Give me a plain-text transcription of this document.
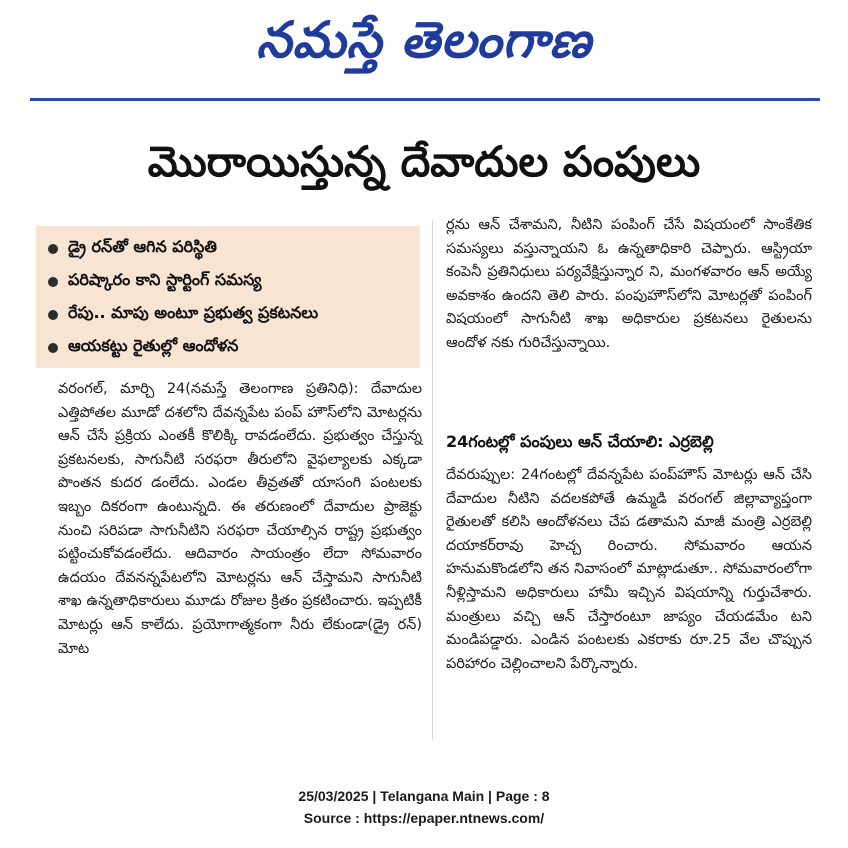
నమస్తే తెలంగాణ
మొరాయిస్తున్న దేవాదుల పంపులు
డ్రై రన్‌తో ఆగిన పరిస్థితి
పరిష్కారం కాని స్టార్టింగ్ సమస్య
రేపు.. మాపు అంటూ ప్రభుత్వ ప్రకటనలు
ఆయకట్టు రైతుల్లో ఆందోళన

వరంగల్, మార్చి 24(నమస్తే తెలంగాణ ప్రతినిధి): దేవాదుల ఎత్తిపోతల మూడో దశలోని దేవన్నపేట పంప్ హౌస్‌లోని మోటర్లను ఆన్ చేసే ప్రక్రియ ఎంతకీ కొలిక్కి రావడంలేదు. ప్రభుత్వం చేస్తున్న ప్రకటనలకు, సాగునీటి సరఫరా తీరులోని వైఫల్యాలకు ఎక్కడా పొంతన కుదర డంలేదు. ఎండల తీవ్రతతో యాసంగి పంటలకు ఇబ్బం దికరంగా ఉంటున్నది. ఈ తరుణంలో దేవాదుల ప్రాజెక్టు నుంచి సరిపడా సాగునీటిని సరఫరా చేయాల్సిన రాష్ట్ర ప్రభుత్వం పట్టించుకోవడంలేదు. ఆదివారం సాయంత్రం లేదా సోమవారం ఉదయం దేవనన్నపేటలోని మోటర్లను ఆన్ చేస్తామని సాగునీటి శాఖ ఉన్నతాధికారులు మూడు రోజుల క్రితం ప్రకటించారు. ఇప్పటికీ మోటర్లు ఆన్ కాలేదు. ప్రయోగాత్మకంగా నీరు లేకుండా(డ్రై రన్) మోట

ర్లను ఆన్ చేశామని, నీటిని పంపింగ్ చేసే విషయంలో సాంకేతిక సమస్యలు వస్తున్నాయని ఓ ఉన్నతాధికారి చెప్పారు. ఆస్ట్రియా కంపెనీ ప్రతినిధులు పర్యవేక్షిస్తున్నార ని, మంగళవారం ఆన్ అయ్యే అవకాశం ఉందని తెలి పారు. పంపుహౌస్‌లోని మోటర్లతో పంపింగ్ విషయంలో సాగునీటి శాఖ అధికారుల ప్రకటనలు రైతులను ఆందోళ నకు గురిచేస్తున్నాయి.

24గంటల్లో పంపులు ఆన్ చేయాలి: ఎర్రబెల్లి

దేవరుప్పుల: 24గంటల్లో దేవన్నపేట పంప్‌హౌస్ మోటర్లు ఆన్ చేసి దేవాదుల నీటిని వదలకపోతే ఉమ్మడి వరంగల్ జిల్లావ్యాప్తంగా రైతులతో కలిసి ఆందోళనలు చేప డతామని మాజీ మంత్రి ఎర్రబెల్లి దయాకర్‌రావు హెచ్చ రించారు. సోమవారం ఆయన హనుమకొండలోని తన నివాసంలో మాట్లాడుతూ.. సోమవారంలోగా నీళ్లిస్తామని అధికారులు హామీ ఇచ్చిన విషయాన్ని గుర్తుచేశారు. మంత్రులు వచ్చి ఆన్ చేస్తారంటూ జాప్యం చేయడమేం టని మండిపడ్డారు. ఎండిన పంటలకు ఎకరాకు రూ.25 వేల చొప్పున పరిహారం చెల్లించాలని పేర్కొన్నారు.

25/03/2025 | Telangana Main | Page : 8
Source : https://epaper.ntnews.com/
